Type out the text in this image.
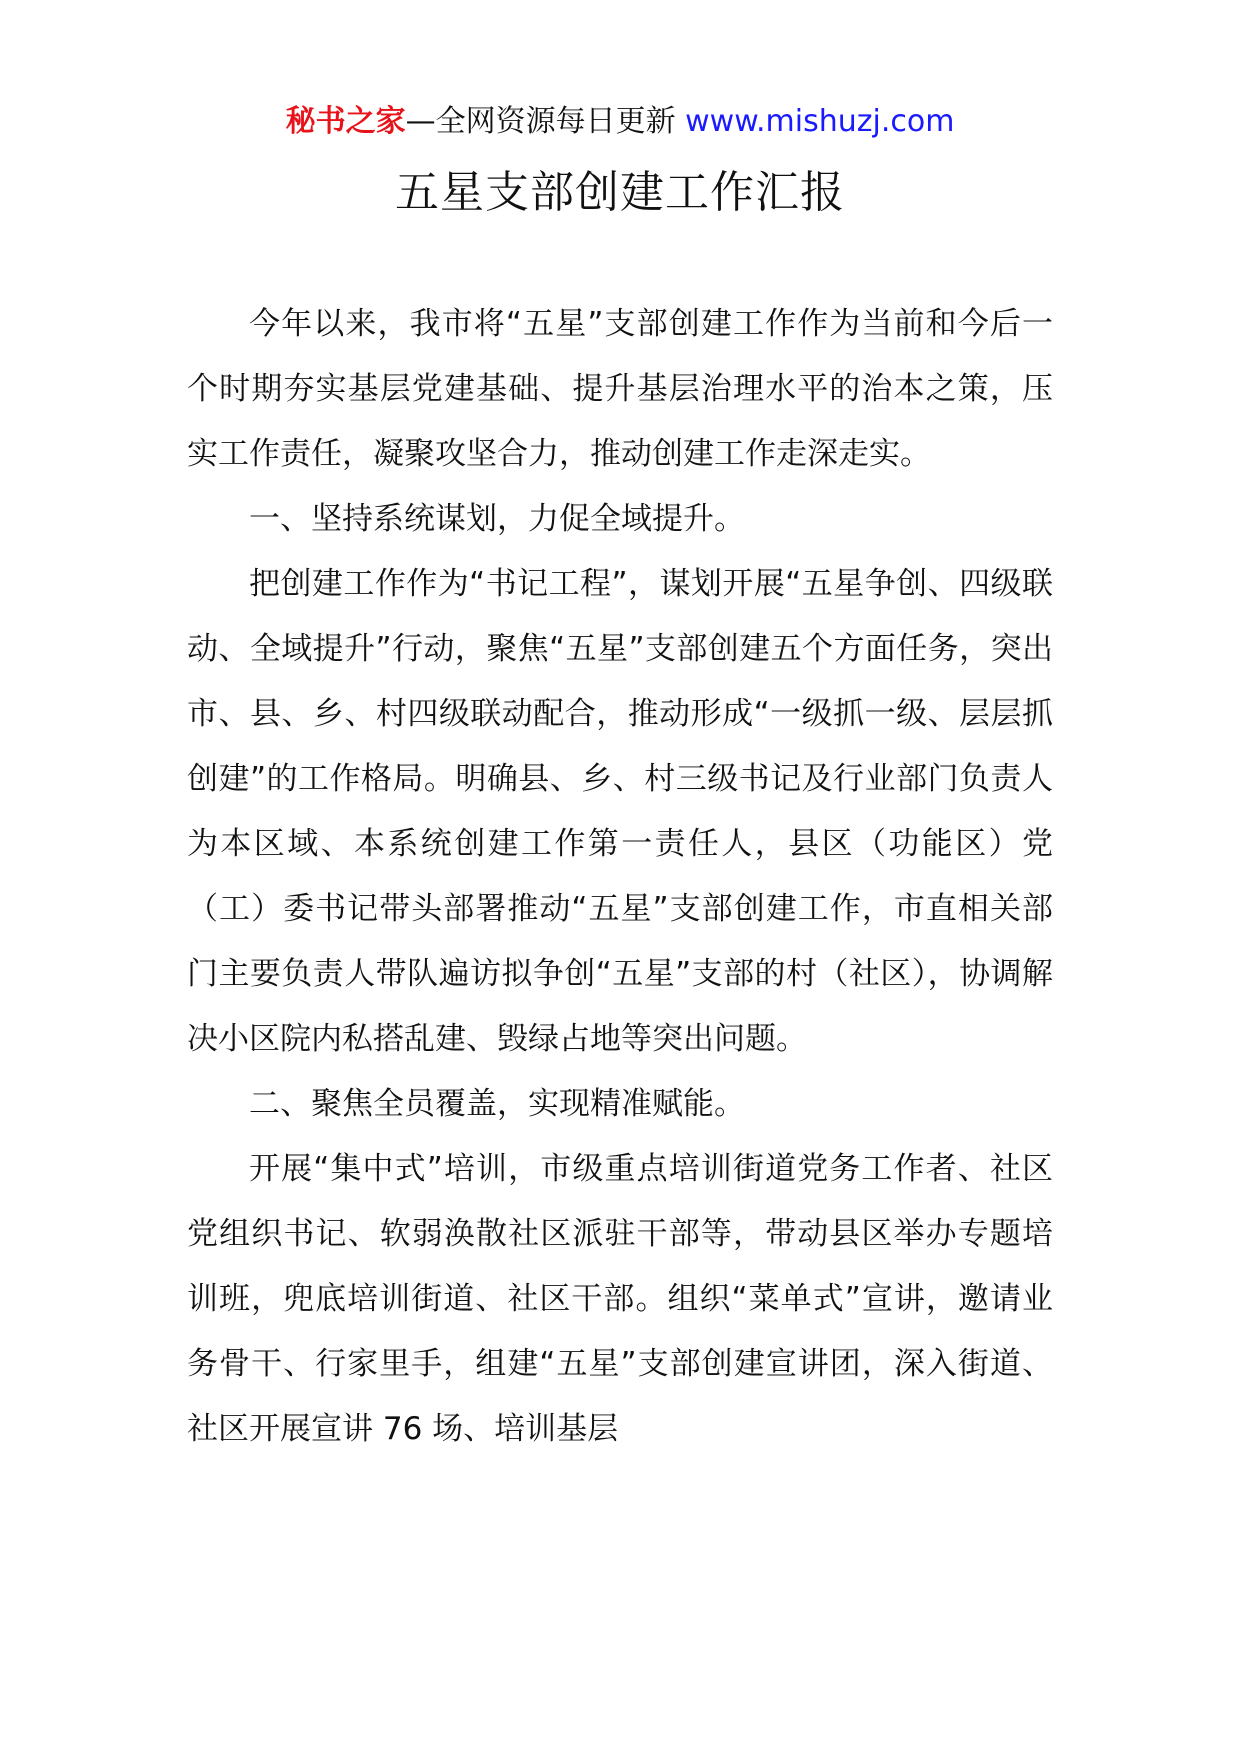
秘书之家—全网资源每日更新 www.mishuzj.com
五星支部创建工作汇报

今年以来，我市将“五星”支部创建工作作为当前和今后一个时期夯实基层党建基础、提升基层治理水平的治本之策，压实工作责任，凝聚攻坚合力，推动创建工作走深走实。

一、坚持系统谋划，力促全域提升。

把创建工作作为“书记工程”，谋划开展“五星争创、四级联动、全域提升”行动，聚焦“五星”支部创建五个方面任务，突出市、县、乡、村四级联动配合，推动形成“一级抓一级、层层抓创建”的工作格局。明确县、乡、村三级书记及行业部门负责人为本区域、本系统创建工作第一责任人，县区（功能区）党（工）委书记带头部署推动“五星”支部创建工作，市直相关部门主要负责人带队遍访拟争创“五星”支部的村（社区），协调解决小区院内私搭乱建、毁绿占地等突出问题。

二、聚焦全员覆盖，实现精准赋能。

开展“集中式”培训，市级重点培训街道党务工作者、社区党组织书记、软弱涣散社区派驻干部等，带动县区举办专题培训班，兜底培训街道、社区干部。组织“菜单式”宣讲，邀请业务骨干、行家里手，组建“五星”支部创建宣讲团，深入街道、社区开展宣讲 76 场、培训基层
